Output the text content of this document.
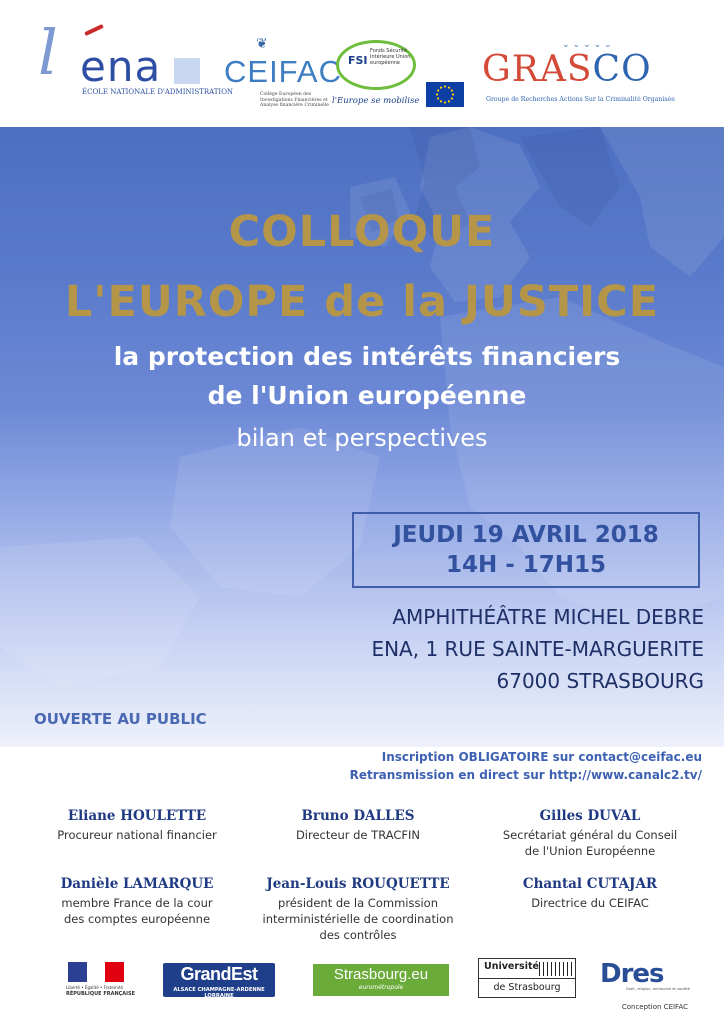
l ena
ÉCOLE NATIONALE D'ADMINISTRATION
❦
CEIFAC
Collège Européen des Investigations Financières et Analyse financière Criminelle
FSI
Fonds Sécurité Intérieure Union européenne
l'Europe se mobilise
⌄⌄⌄⌄⌄
GRASCO
Groupe de Recherches Actions Sur la Criminalité Organisée
COLLOQUE
L'EUROPE de la JUSTICE
la protection des intérêts financiers
de l'Union européenne
bilan et perspectives
JEUDI 19 AVRIL 2018
14H - 17H15
AMPHITHÉÂTRE MICHEL DEBRE
ENA, 1 RUE SAINTE-MARGUERITE
67000 STRASBOURG
OUVERTE AU PUBLIC
Inscription OBLIGATOIRE sur contact@ceifac.eu
Retransmission en direct sur http://www.canalc2.tv/
Eliane HOULETTE
Procureur national financier
Bruno DALLES
Directeur de TRACFIN
Gilles DUVAL
Secrétariat général du Conseil
de l'Union Européenne
Danièle LAMARQUE
membre France de la cour
des comptes européenne
Jean-Louis ROUQUETTE
président de la Commission
interministérielle de coordination
des contrôles
Chantal CUTAJAR
Directrice du CEIFAC
Liberté • Égalité • Fraternité
RÉPUBLIQUE FRANÇAISE
GrandEst
ALSACE CHAMPAGNE-ARDENNE LORRAINE
Strasbourg.eu
eurométropole
Université
de Strasbourg	Dres
Droit, religion, entreprise et société
Conception CEIFAC
